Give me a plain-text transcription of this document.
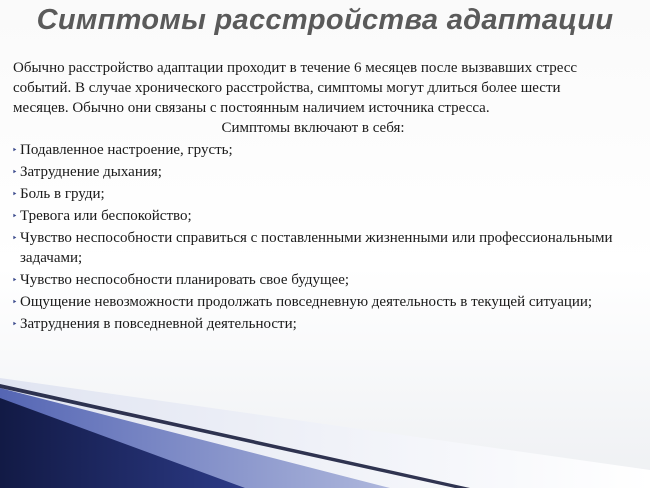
Симптомы расстройства адаптации

Обычно расстройство адаптации проходит в течение 6 месяцев после вызвавших стресс событий. В случае хронического расстройства, симптомы могут длиться более шести месяцев. Обычно они связаны с постоянным наличием источника стресса.

Симптомы включают в себя:

‣ Подавленное настроение, грусть;
‣ Затруднение дыхания;
‣ Боль в груди;
‣ Тревога или беспокойство;
‣ Чувство неспособности справиться с поставленными жизненными или профессиональными задачами;
‣ Чувство неспособности планировать свое будущее;
‣ Ощущение невозможности продолжать повседневную деятельность в текущей ситуации;
‣ Затруднения в повседневной деятельности;
